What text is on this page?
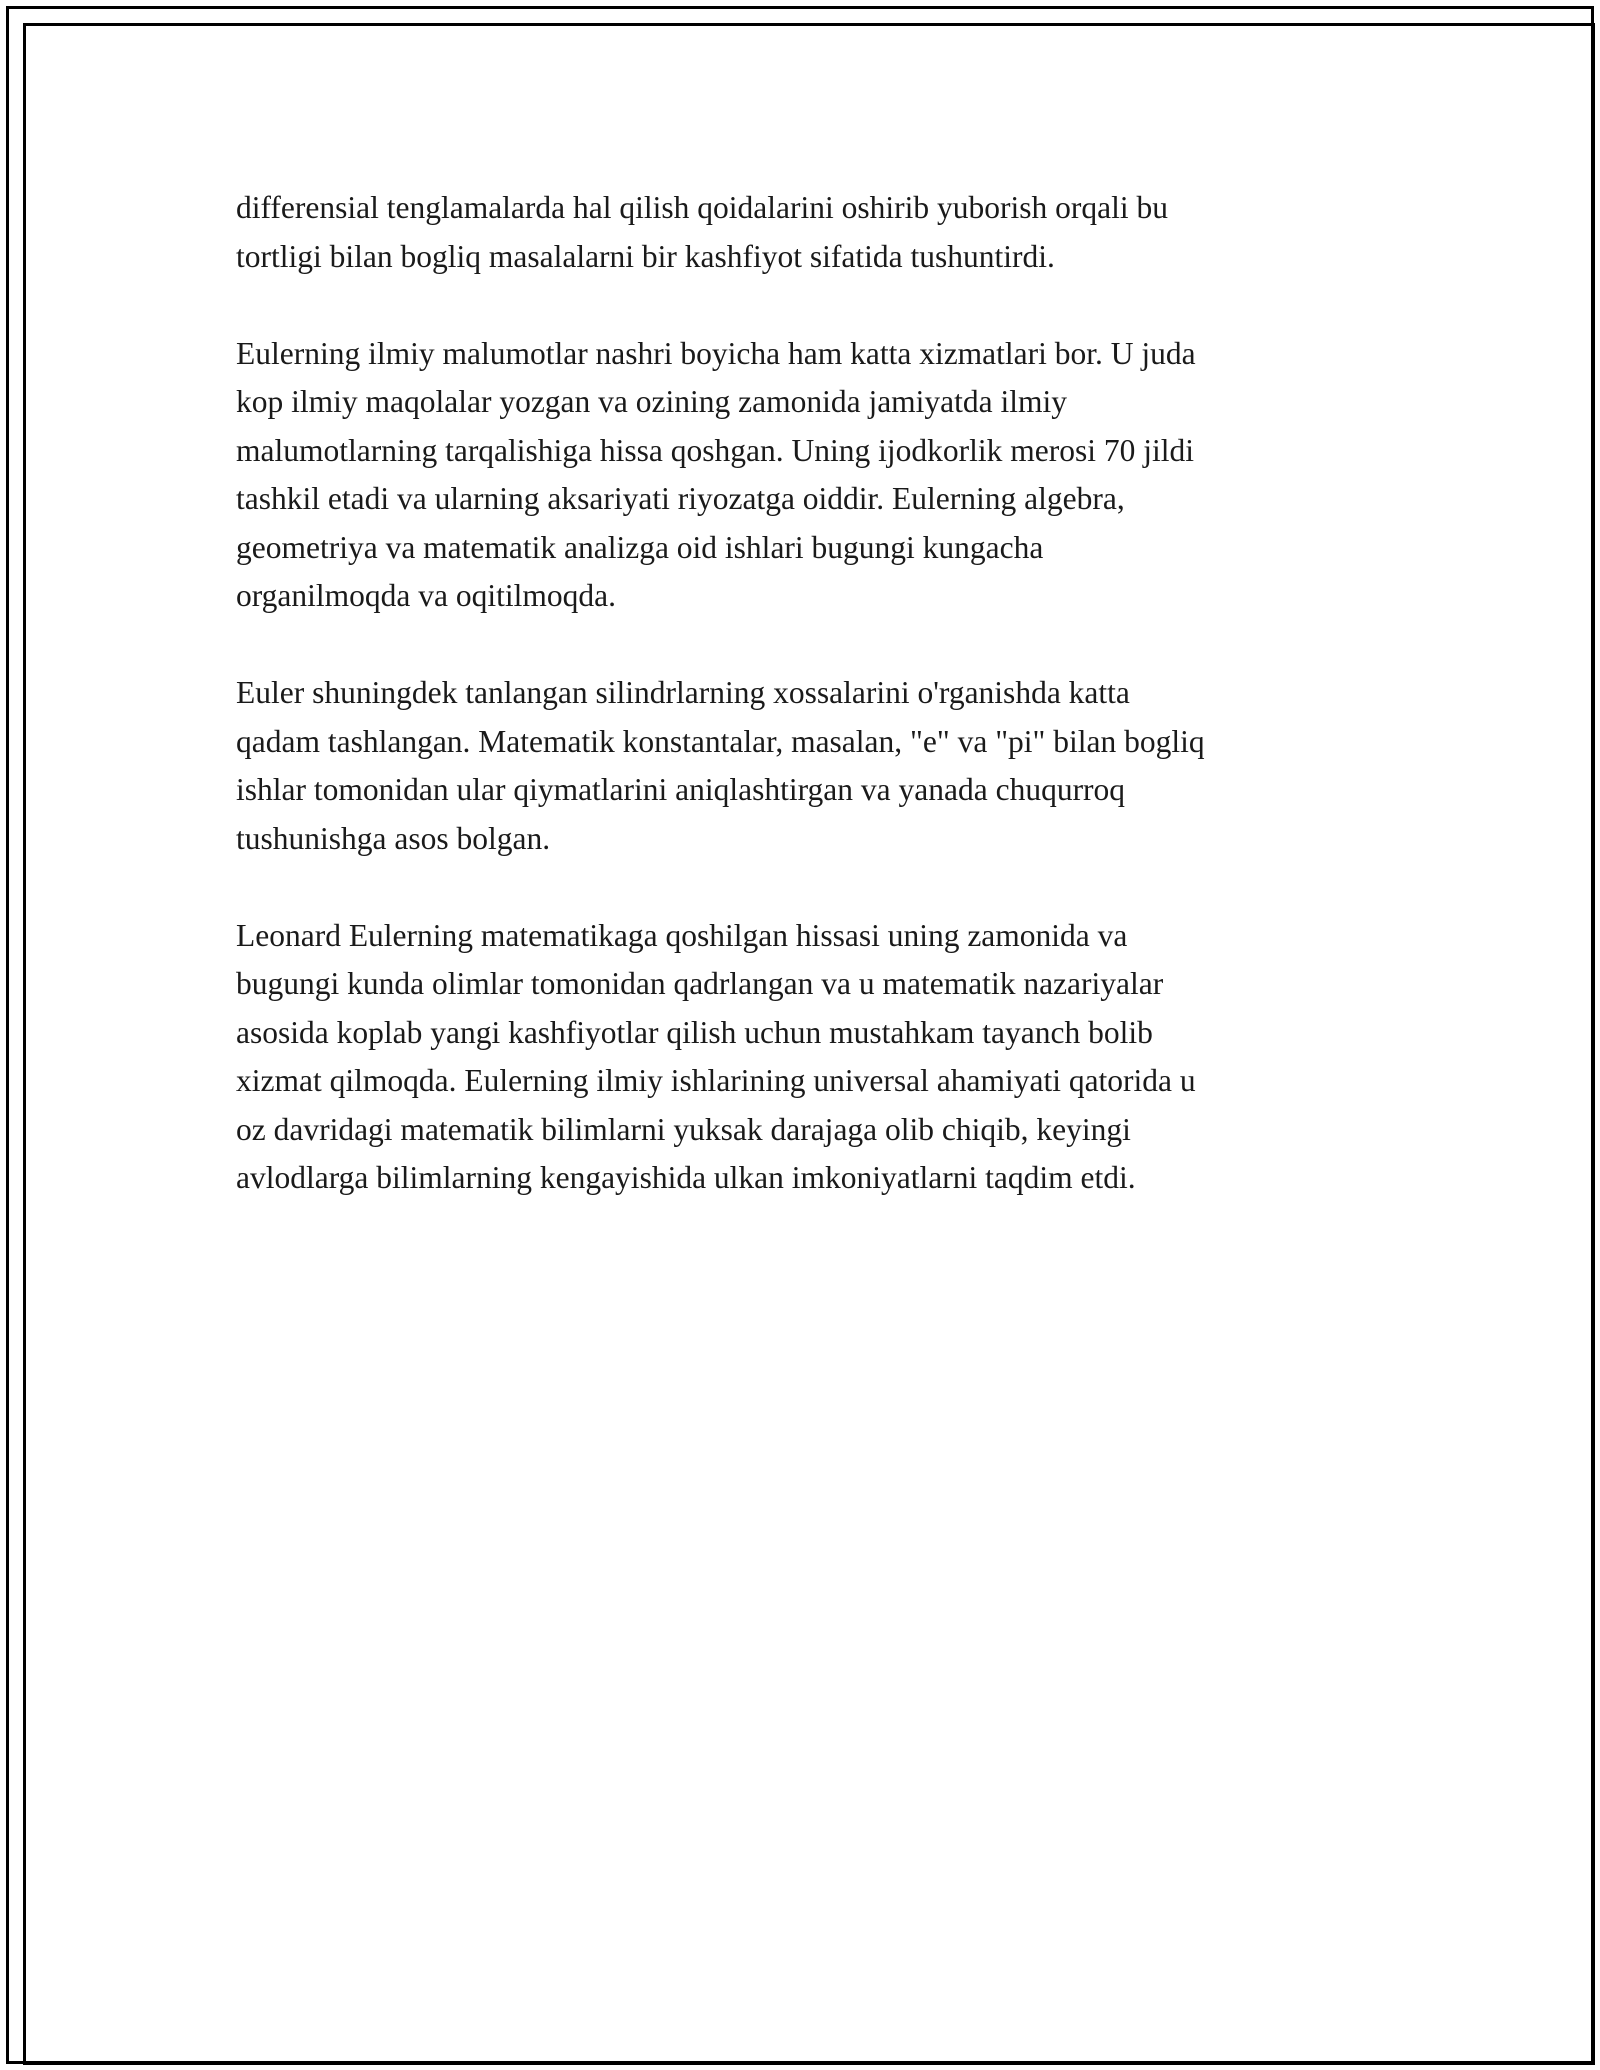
differensial tenglamalarda hal qilish qoidalarini oshirib yuborish orqali bu
tortligi bilan bogliq masalalarni bir kashfiyot sifatida tushuntirdi.

Eulerning ilmiy malumotlar nashri boyicha ham katta xizmatlari bor. U juda
kop ilmiy maqolalar yozgan va ozining zamonida jamiyatda ilmiy
malumotlarning tarqalishiga hissa qoshgan. Uning ijodkorlik merosi 70 jildi
tashkil etadi va ularning aksariyati riyozatga oiddir. Eulerning algebra,
geometriya va matematik analizga oid ishlari bugungi kungacha
organilmoqda va oqitilmoqda.

Euler shuningdek tanlangan silindrlarning xossalarini o'rganishda katta
qadam tashlangan. Matematik konstantalar, masalan, "e" va "pi" bilan bogliq
ishlar tomonidan ular qiymatlarini aniqlashtirgan va yanada chuqurroq
tushunishga asos bolgan.

Leonard Eulerning matematikaga qoshilgan hissasi uning zamonida va
bugungi kunda olimlar tomonidan qadrlangan va u matematik nazariyalar
asosida koplab yangi kashfiyotlar qilish uchun mustahkam tayanch bolib
xizmat qilmoqda. Eulerning ilmiy ishlarining universal ahamiyati qatorida u
oz davridagi matematik bilimlarni yuksak darajaga olib chiqib, keyingi
avlodlarga bilimlarning kengayishida ulkan imkoniyatlarni taqdim etdi.
